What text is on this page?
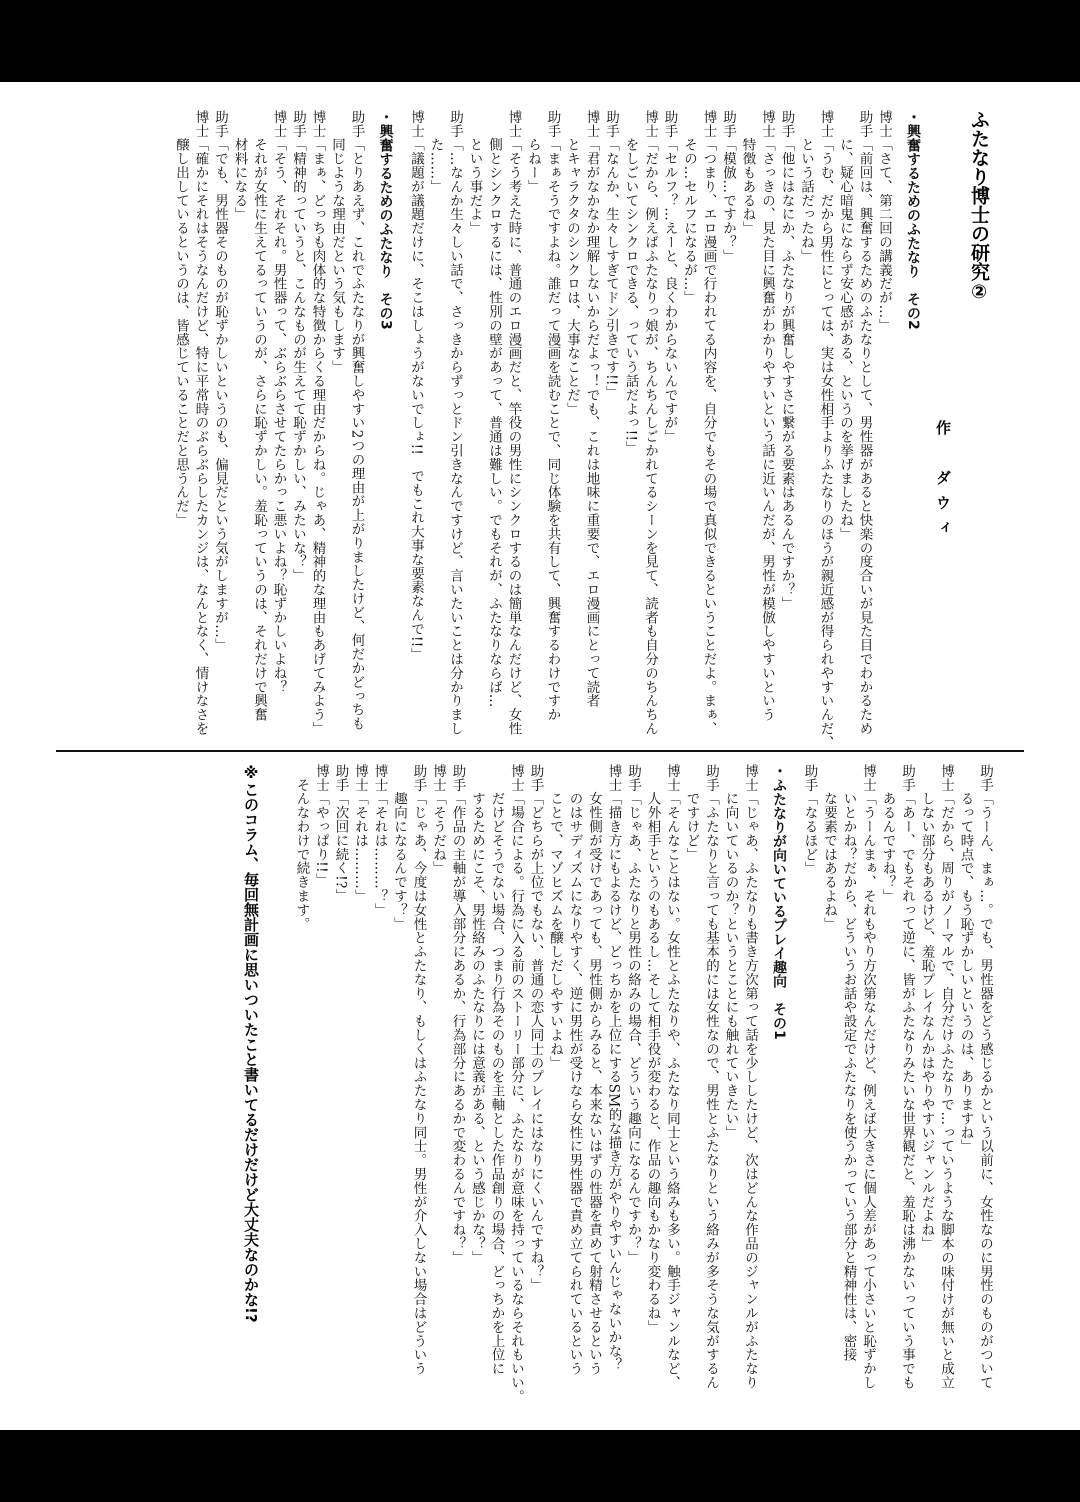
ふたなり博士の研究②
作　ダウィ
・興奮するためのふたなり　その2
博士「さて、第二回の講義だが…」
助手「前回は、興奮するためのふたなりとして、男性器があると快楽の度合いが見た目でわかるため
　　に、疑心暗鬼にならず安心感がある、というのを挙げましたね」
博士「うむ、だから男性にとっては、実は女性相手よりふたなりのほうが親近感が得られやすいんだ、
　　という話だったね」
助手「他にはなにか、ふたなりが興奮しやすさに繋がる要素はあるんですか？」
博士「さっきの、見た目に興奮がわかりやすいという話に近いんだが、男性が模倣しやすいという
　　特徴もあるね」
助手「模倣…ですか？」
博士「つまり、エロ漫画で行われてる内容を、自分でもその場で真似できるということだよ。まぁ、
　　その…セルフになるが…」
助手「セルフ？…えーと、良くわからないんですが」
博士「だから、例えばふたなりっ娘が、ちんちんしごかれてるシーンを見て、読者も自分のちんちん
　　をしごいてシンクロできる、っていう話だよっ!!」
助手「なんか、生々しすぎてドン引きです!!」
博士「君がなかなか理解しないからだよっ！でも、これは地味に重要で、エロ漫画にとって読者
　　とキャラクタのシンクロは、大事なことだ」
助手「まぁそうですよね。誰だって漫画を読むことで、同じ体験を共有して、興奮するわけですか
　　らねー」
博士「そう考えた時に、普通のエロ漫画だと、竿役の男性にシンクロするのは簡単なんだけど、女性
　　側とシンクロするには、性別の壁があって、普通は難しい。でもそれが、ふたなりならば…
　　という事だよ」
助手「…なんか生々しい話で、さっきからずっとドン引きなんですけど、言いたいことは分かりまし
　　た……」
博士「議題が議題だけに、そこはしょうがないでしょ!!　でもこれ大事な要素なんで!!」
・興奮するためのふたなり　その3
助手「とりあえず、これでふたなりが興奮しやすい2つの理由が上がりましたけど、何だかどっちも
　　同じような理由だという気もします」
博士「まぁ、どっちも肉体的な特徴からくる理由だからね。じゃあ、精神的な理由もあげてみよう」
助手「精神的っていうと、こんなものが生えてて恥ずかしい、みたいな？」
博士「そう、それそれ。男性器って、ぶらぶらさせてたらかっこ悪いよね？恥ずかしいよね？
　　それが女性に生えてるっていうのが、さらに恥ずかしい。羞恥っていうのは、それだけで興奮
　　材料になる」
助手「でも、男性器そのものが恥ずかしいというのも、偏見だという気がしますが…」
博士「確かにそれはそうなんだけど、特に平常時のぶらぶらしたカンジは、なんとなく、情けなさを
　　醸し出しているというのは、皆感じていることだと思うんだ」
助手「うーん、まぁ…。でも、男性器をどう感じるかという以前に、女性なのに男性のものがついて
　　るって時点で、もう恥ずかしいというのは、ありますね」
博士「だから、周りがノーマルで、自分だけふたなりで…っていうような脚本の味付けが無いと成立
　　しない部分もあるけど、羞恥プレイなんかはやりやすいジャンルだよね」
助手「あー、でもそれって逆に、皆がふたなりみたいな世界観だと、羞恥は沸かないっていう事でも
　　あるんですね？」
博士「うーんまぁ、それもやり方次第なんだけど、例えば大きさに個人差があって小さいと恥ずかし
　　いとかね？だから、どういうお話や設定でふたなりを使うかっていう部分と精神性は、密接
　　な要素ではあるよね」
助手「なるほど」
・ふたなりが向いているプレイ趣向　その1
博士「じゃあ、ふたなりも書き方次第って話を少ししたけど、次はどんな作品のジャンルがふたなり
　　に向いているのか？というとことにも触れていきたい」
助手「ふたなりと言っても基本的には女性なので、男性とふたなりという絡みが多そうな気がするん
　　ですけど」
博士「そんなことはない。女性とふたなりや、ふたなり同士という絡みも多い。触手ジャンルなど、
　　人外相手というのもあるし…そして相手役が変わると、作品の趣向もかなり変わるね」
助手「じゃあ、ふたなりと男性の絡みの場合、どういう趣向になるんですか？」
博士「描き方にもよるけど、どっちかを上位にするSM的な描き方がやりやすいんじゃないかな？
　　女性側が受けであっても、男性側からみると、本来ないはずの性器を責めて射精させるという
　　のはサディズムになりやすく、逆に男性が受けなら女性に男性器で責め立てられているという
　　ことで、マゾヒズムを醸しだしやすいよね」
助手「どちらが上位でもない、普通の恋人同士のプレイにはなりにくいんですね？」
博士「場合による。行為に入る前のストーリー部分に、ふたなりが意味を持っているならそれもいい。
　　だけどそうでない場合、つまり行為そのものを主軸とした作品創りの場合、どっちかを上位に
　　するためにこそ、男性絡みのふたなりには意義がある、という感じかな？」
助手「作品の主軸が導入部分にあるか、行為部分にあるかで変わるんですね？」
博士「そうだね」
助手「じゃあ、今度は女性とふたなり、もしくはふたなり同士。男性が介入しない場合はどういう
　　趣向になるんです？」
博士「それは………？」
博士「それは………」
助手「次回に続く!?」
博士「やっぱり!!」
　そんなわけで続きます。
※このコラム、毎回無計画に思いついたこと書いてるだけだけど大丈夫なのかな!?
